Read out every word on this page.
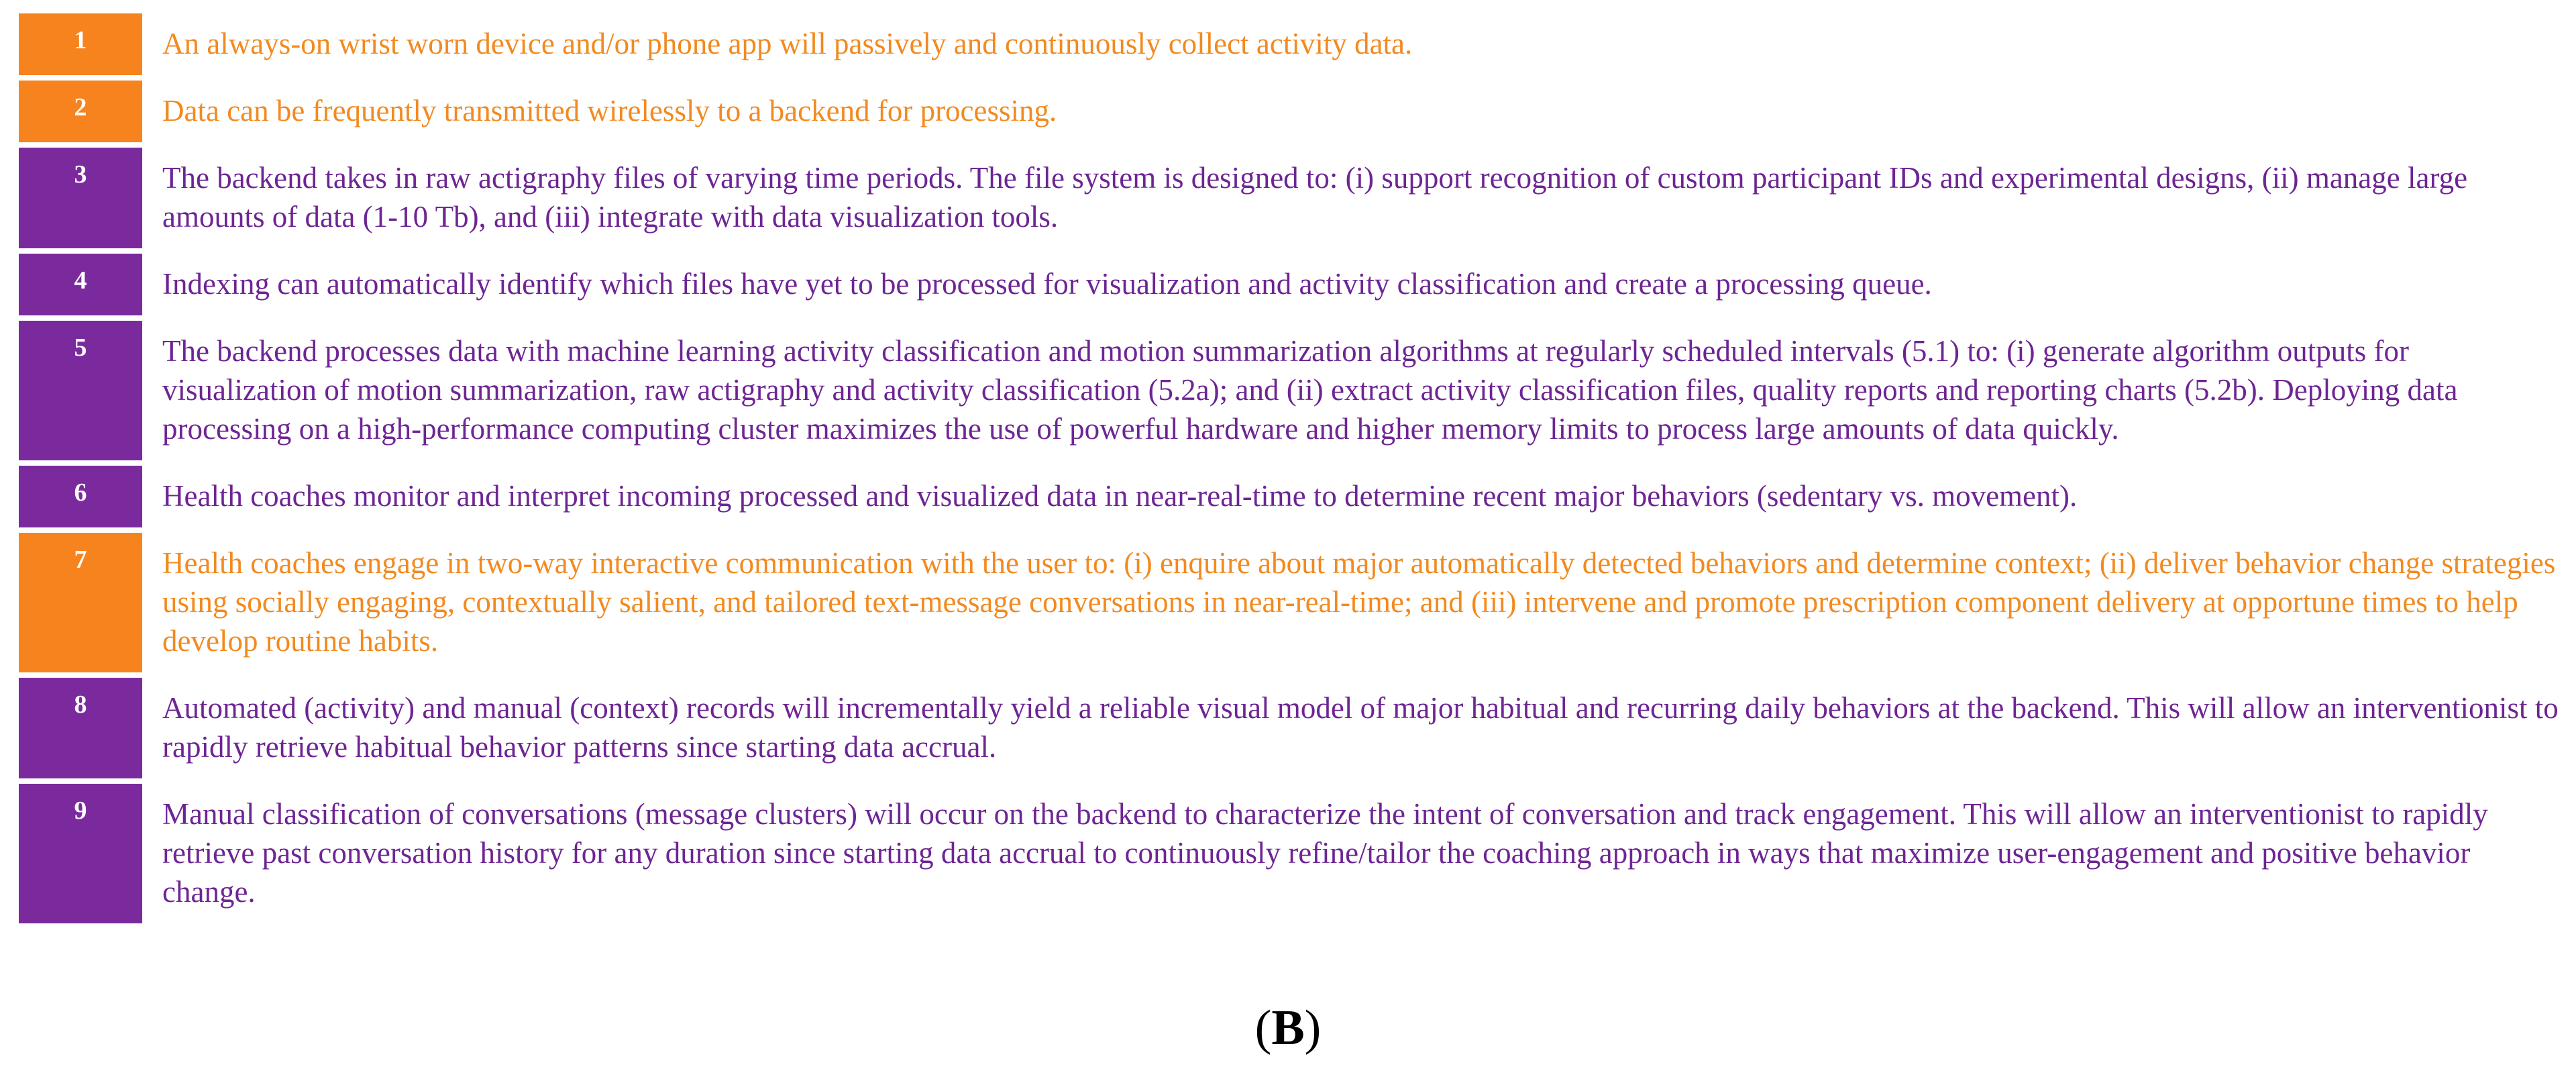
1	An always-on wrist worn device and/or phone app will passively and continuously collect activity data.
2	Data can be frequently transmitted wirelessly to a backend for processing.
3	The backend takes in raw actigraphy files of varying time periods. The file system is designed to: (i) support recognition of custom participant IDs and experimental designs, (ii) manage large amounts of data (1-10 Tb), and (iii) integrate with data visualization tools.
4	Indexing can automatically identify which files have yet to be processed for visualization and activity classification and create a processing queue.
5	The backend processes data with machine learning activity classification and motion summarization algorithms at regularly scheduled intervals (5.1) to: (i) generate algorithm outputs for visualization of motion summarization, raw actigraphy and activity classification (5.2a); and (ii) extract activity classification files, quality reports and reporting charts (5.2b). Deploying data processing on a high-performance computing cluster maximizes the use of powerful hardware and higher memory limits to process large amounts of data quickly.
6	Health coaches monitor and interpret incoming processed and visualized data in near-real-time to determine recent major behaviors (sedentary vs. movement).
7	Health coaches engage in two-way interactive communication with the user to: (i) enquire about major automatically detected behaviors and determine context; (ii) deliver behavior change strategies using socially engaging, contextually salient, and tailored text-message conversations in near-real-time; and (iii) intervene and promote prescription component delivery at opportune times to help develop routine habits.
8	Automated (activity) and manual (context) records will incrementally yield a reliable visual model of major habitual and recurring daily behaviors at the backend. This will allow an interventionist to rapidly retrieve habitual behavior patterns since starting data accrual.
9	Manual classification of conversations (message clusters) will occur on the backend to characterize the intent of conversation and track engagement. This will allow an interventionist to rapidly retrieve past conversation history for any duration since starting data accrual to continuously refine/tailor the coaching approach in ways that maximize user-engagement and positive behavior change.
(B)
